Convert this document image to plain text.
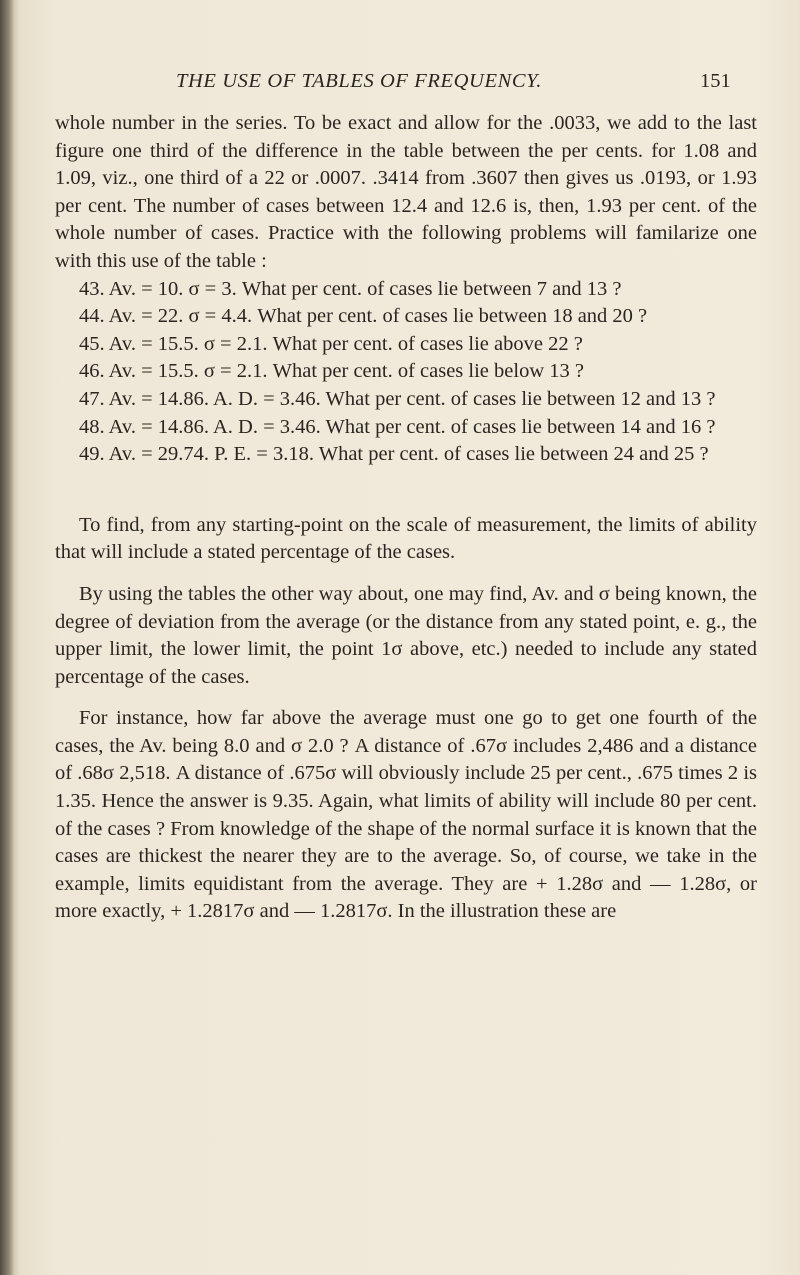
THE USE OF TABLES OF FREQUENCY.	151

whole number in the series. To be exact and allow for the .0033, we add to the last figure one third of the difference in the table between the per cents. for 1.08 and 1.09, viz., one third of a 22 or .0007. .3414 from .3607 then gives us .0193, or 1.93 per cent. The number of cases between 12.4 and 12.6 is, then, 1.93 per cent. of the whole number of cases. Practice with the following problems will familarize one with this use of the table :

43. Av. = 10. σ = 3. What per cent. of cases lie between 7 and 13 ?

44. Av. = 22. σ = 4.4. What per cent. of cases lie between 18 and 20 ?

45. Av. = 15.5. σ = 2.1. What per cent. of cases lie above 22 ?

46. Av. = 15.5. σ = 2.1. What per cent. of cases lie below 13 ?

47. Av. = 14.86. A. D. = 3.46. What per cent. of cases lie between 12 and 13 ?

48. Av. = 14.86. A. D. = 3.46. What per cent. of cases lie between 14 and 16 ?

49. Av. = 29.74. P. E. = 3.18. What per cent. of cases lie between 24 and 25 ?

To find, from any starting-point on the scale of measurement, the limits of ability that will include a stated percentage of the cases.

By using the tables the other way about, one may find, Av. and σ being known, the degree of deviation from the average (or the distance from any stated point, e. g., the upper limit, the lower limit, the point 1σ above, etc.) needed to include any stated percentage of the cases.

For instance, how far above the average must one go to get one fourth of the cases, the Av. being 8.0 and σ 2.0 ? A distance of .67σ includes 2,486 and a distance of .68σ 2,518. A distance of .675σ will obviously include 25 per cent., .675 times 2 is 1.35. Hence the answer is 9.35. Again, what limits of ability will include 80 per cent. of the cases ? From knowledge of the shape of the normal surface it is known that the cases are thickest the nearer they are to the average. So, of course, we take in the example, limits equidistant from the average. They are + 1.28σ and — 1.28σ, or more exactly, + 1.2817σ and — 1.2817σ. In the illustration these are
